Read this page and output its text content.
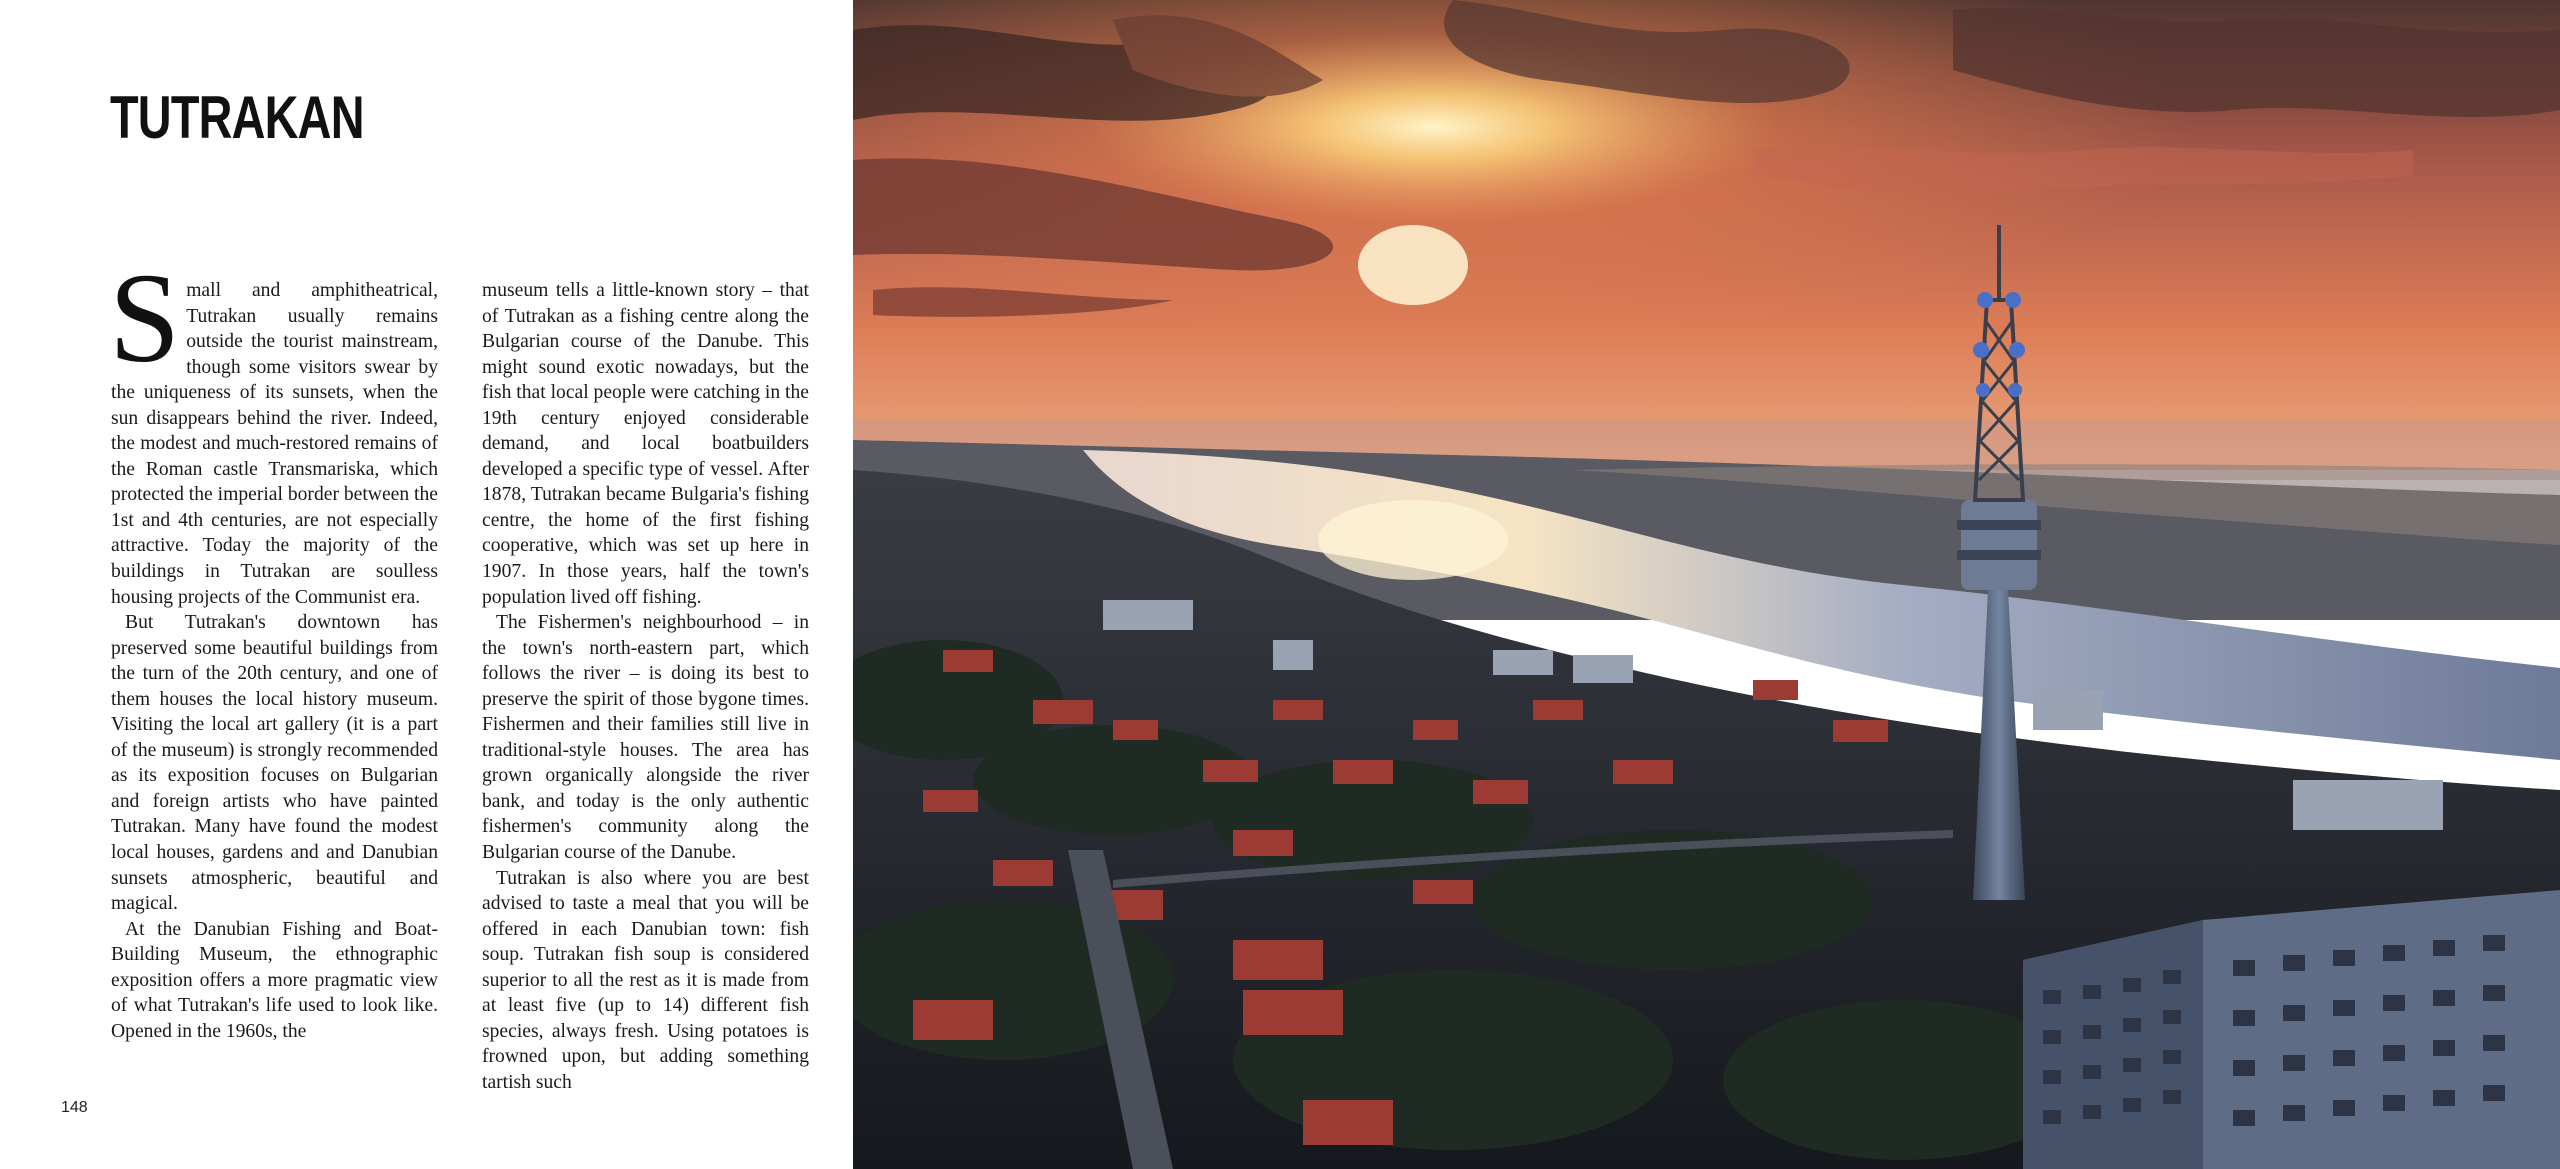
TUTRAKAN

Small and amphitheatrical, Tutrakan usually remains outside the tourist mainstream, though some visitors swear by the uniqueness of its sunsets, when the sun disappears behind the river. Indeed, the modest and much-restored remains of the Roman castle Transmariska, which protected the imperial border between the 1st and 4th centuries, are not especially attractive. Today the majority of the buildings in Tutrakan are soulless housing projects of the Communist era.

But Tutrakan's downtown has preserved some beautiful buildings from the turn of the 20th century, and one of them houses the local history museum. Visiting the local art gallery (it is a part of the museum) is strongly recommended as its exposition focuses on Bulgarian and foreign artists who have painted Tutrakan. Many have found the modest local houses, gardens and and Danubian sunsets atmospheric, beautiful and magical.

At the Danubian Fishing and Boat-Building Museum, the ethnographic exposition offers a more pragmatic view of what Tutrakan's life used to look like. Opened in the 1960s, the

museum tells a little-known story – that of Tutrakan as a fishing centre along the Bulgarian course of the Danube. This might sound exotic nowadays, but the fish that local people were catching in the 19th century enjoyed considerable demand, and local boatbuilders developed a specific type of vessel. After 1878, Tutrakan became Bulgaria's fishing centre, the home of the first fishing cooperative, which was set up here in 1907. In those years, half the town's population lived off fishing.

The Fishermen's neighbourhood – in the town's north-eastern part, which follows the river – is doing its best to preserve the spirit of those bygone times. Fishermen and their families still live in traditional-style houses. The area has grown organically alongside the river bank, and today is the only authentic fishermen's community along the Bulgarian course of the Danube.

Tutrakan is also where you are best advised to taste a meal that you will be offered in each Danubian town: fish soup. Tutrakan fish soup is considered superior to all the rest as it is made from at least five (up to 14) different fish species, always fresh. Using potatoes is frowned upon, but adding something tartish such

148
